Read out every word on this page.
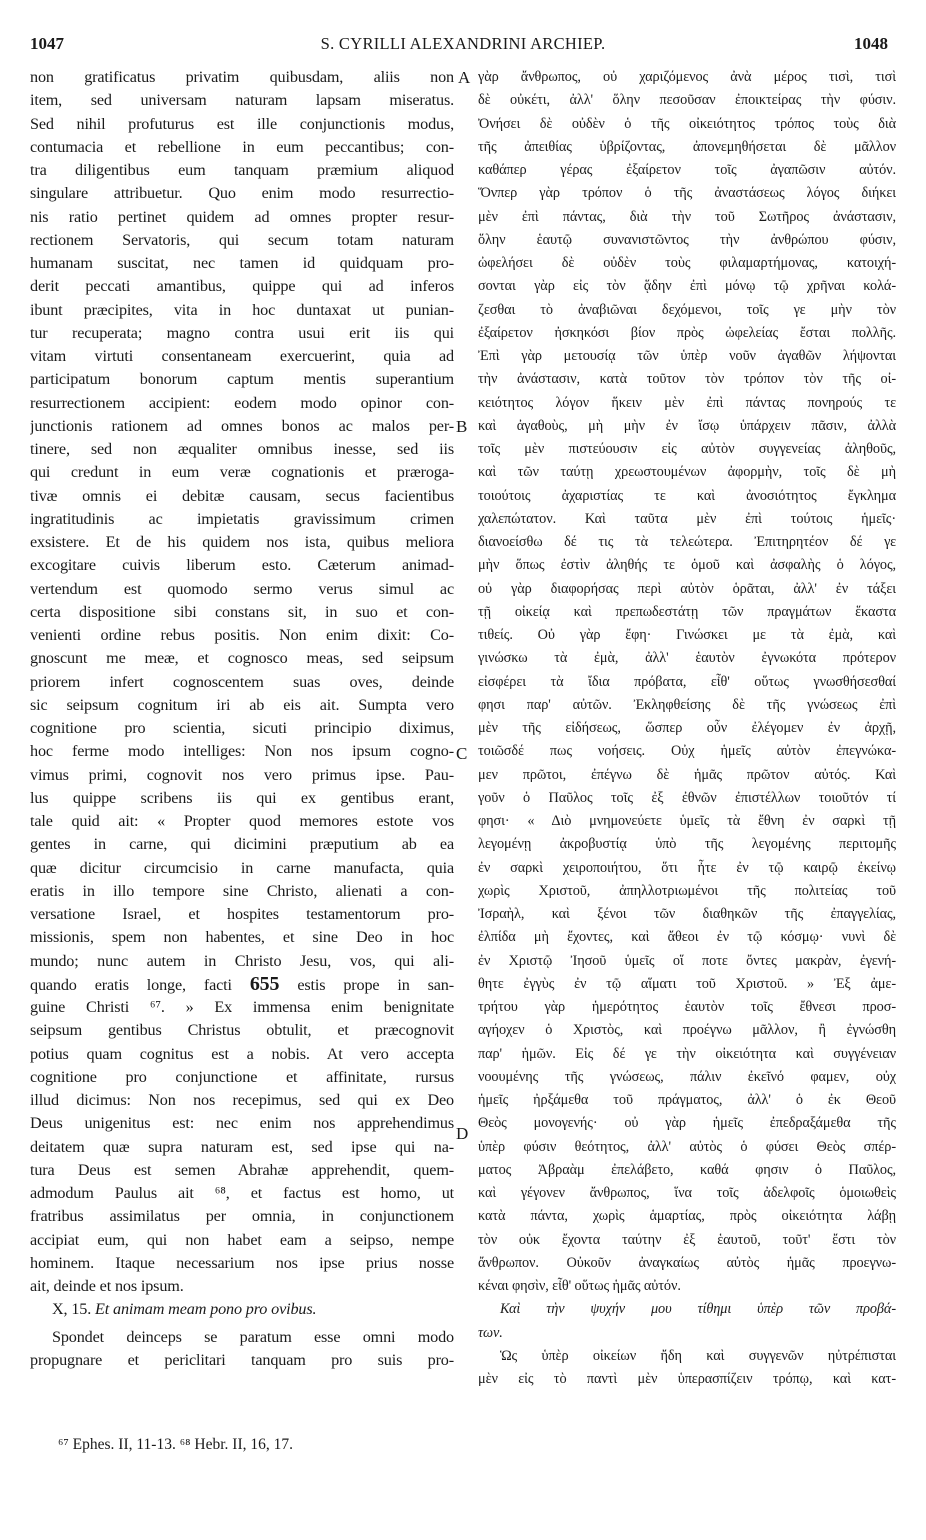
1047	S. CYRILLI ALEXANDRINI ARCHIEP.	1048
non gratificatus privatim quibusdam, aliis non
item, sed universam naturam lapsam miseratus.
Sed nihil profuturus est ille conjunctionis modus,
contumacia et rebellione in eum peccantibus; con-
tra diligentibus eum tanquam præmium aliquod
singulare attribuetur. Quo enim modo resurrectio-
nis ratio pertinet quidem ad omnes propter resur-
rectionem Servatoris, qui secum totam naturam
humanam suscitat, nec tamen id quidquam pro-
derit peccati amantibus, quippe qui ad inferos
ibunt præcipites, vita in hoc duntaxat ut punian-
tur recuperata; magno contra usui erit iis qui
vitam virtuti consentaneam exercuerint, quia ad
participatum bonorum captum mentis superantium
resurrectionem accipient: eodem modo opinor con-
junctionis rationem ad omnes bonos ac malos per-
tinere, sed non æqualiter omnibus inesse, sed iis
qui credunt in eum veræ cognationis et prærogа-
tivæ omnis ei debitæ causam, secus facientibus
ingratitudinis ac impietatis gravissimum crimen
exsistere. Et de his quidem nos ista, quibus meliora
excogitare cuivis liberum esto. Cæterum animad-
vertendum est quomodo sermo verus simul ac
certa dispositione sibi constans sit, in suo et con-
venienti ordine rebus positis. Non enim dixit: Co-
gnoscunt me meæ, et cognosco meas, sed seipsum
priorem infert cognoscentem suas oves, deinde
sic seipsum cognitum iri ab eis ait. Sumpta vero
cognitione pro scientia, sicuti principio diximus,
hoc ferme modo intelliges: Non nos ipsum cogno-
vimus primi, cognovit nos vero primus ipse. Pau-
lus quippe scribens iis qui ex gentibus erant,
tale quid ait: « Propter quod memores estote vos
gentes in carne, qui dicimini præputium ab ea
quæ dicitur circumcisio in carne manufacta, quia
eratis in illo tempore sine Christo, alienati a con-
versatione Israel, et hospites testamentorum pro-
missionis, spem non habentes, et sine Deo in hoc
mundo; nunc autem in Christo Jesu, vos, qui ali-
quando eratis longe, facti 655 estis prope in san-
guine Christi ⁶⁷. » Ex immensa enim benignitate
seipsum gentibus Christus obtulit, et præcognovit
potius quam cognitus est a nobis. At vero accepta
cognitione pro conjunctione et affinitate, rursus
illud dicimus: Non nos recepimus, sed qui ex Deo
Deus unigenitus est: nec enim nos apprehendimus
deitatem quæ supra naturam est, sed ipse qui na-
tura Deus est semen Abrahæ apprehendit, quem-
admodum Paulus ait ⁶⁸, et factus est homo, ut
fratribus assimilatus per omnia, in conjunctionem
accipiat eum, qui non habet eam a seipso, nempe
hominem. Itaque necessarium nos ipse prius nosse
ait, deinde et nos ipsum.
X, 15. Et animam meam pono pro ovibus.
Spondet deinceps se paratum esse omni modo
propugnare et periclitari tanquam pro suis pro-
γὰρ ἄνθρωπος, οὐ χαριζόμενος ἀνὰ μέρος τισὶ, τισὶ
δὲ οὐκέτι, ἀλλ' ὅλην πεσοῦσαν ἐποικτείρας τὴν φύσιν.
Ὀνήσει δὲ οὐδὲν ὁ τῆς οἰκειότητος τρόπος τοὺς διὰ
τῆς ἀπειθίας ὑβρίζοντας, ἀπονεμηθήσεται δὲ μᾶλλον
καθάπερ γέρας ἐξαίρετον τοῖς ἀγαπῶσιν αὐτόν.
Ὅνπερ γὰρ τρόπον ὁ τῆς ἀναστάσεως λόγος διήκει
μὲν ἐπὶ πάντας, διὰ τὴν τοῦ Σωτῆρος ἀνάστασιν,
ὅλην ἑαυτῷ συνανιστῶντος τὴν ἀνθρώπου φύσιν,
ὠφελήσει δὲ οὐδὲν τοὺς φιλαμαρτήμονας, κατοιχή-
σονται γὰρ εἰς τὸν ᾅδην ἐπὶ μόνῳ τῷ χρῆναι κολά-
ζεσθαι τὸ ἀναβιῶναι δεχόμενοι, τοῖς γε μὴν τὸν
ἐξαίρετον ἠσκηκόσι βίον πρὸς ὠφελείας ἔσται πολλῆς.
Ἐπὶ γὰρ μετουσίᾳ τῶν ὑπὲρ νοῦν ἀγαθῶν λήψονται
τὴν ἀνάστασιν, κατὰ τοῦτον τὸν τρόπον τὸν τῆς οἰ-
κειότητος λόγον ἥκειν μὲν ἐπὶ πάντας πονηρούς τε
καὶ ἀγαθοὺς, μὴ μὴν ἐν ἴσῳ ὑπάρχειν πᾶσιν, ἀλλὰ
τοῖς μὲν πιστεύουσιν εἰς αὐτὸν συγγενείας ἀληθοῦς,
καὶ τῶν ταύτῃ χρεωστουμένων ἀφορμὴν, τοῖς δὲ μὴ
τοιούτοις ἀχαριστίας τε καὶ ἀνοσιότητος ἔγκλημα
χαλεπώτατον. Καὶ ταῦτα μὲν ἐπὶ τούτοις ἡμεῖς·
διανοείσθω δέ τις τὰ τελεώτερα. Ἐπιτηρητέον δέ γε
μὴν ὅπως ἐστὶν ἀληθής τε ὁμοῦ καὶ ἀσφαλὴς ὁ λόγος,
οὐ γὰρ διαφορήσας περὶ αὐτὸν ὁρᾶται, ἀλλ' ἐν τάξει
τῇ οἰκείᾳ καὶ πρεπωδεστάτῃ τῶν πραγμάτων ἕκαστα
τιθείς. Οὐ γὰρ ἔφη· Γινώσκει με τὰ ἐμὰ, καὶ
γινώσκω τὰ ἐμὰ, ἀλλ' ἑαυτὸν ἐγνωκότα πρότερον
εἰσφέρει τὰ ἴδια πρόβατα, εἶθ' οὕτως γνωσθήσεσθαί
φησι παρ' αὐτῶν. Ἐκληφθείσης δὲ τῆς γνώσεως ἐπὶ
μὲν τῆς εἰδήσεως, ὥσπερ οὖν ἐλέγομεν ἐν ἀρχῇ,
τοιῶσδέ πως νοήσεις. Οὐχ ἡμεῖς αὐτὸν ἐπεγνώκα-
μεν πρῶτοι, ἐπέγνω δὲ ἡμᾶς πρῶτον αὐτός. Καὶ
γοῦν ὁ Παῦλος τοῖς ἐξ ἐθνῶν ἐπιστέλλων τοιοῦτόν τί
φησι· « Διὸ μνημονεύετε ὑμεῖς τὰ ἔθνη ἐν σαρκὶ τῇ
λεγομένῃ ἀκροβυστίᾳ ὑπὸ τῆς λεγομένης περιτομῆς
ἐν σαρκὶ χειροποιήτου, ὅτι ἦτε ἐν τῷ καιρῷ ἐκείνῳ
χωρὶς Χριστοῦ, ἀπηλλοτριωμένοι τῆς πολιτείας τοῦ
Ἰσραὴλ, καὶ ξένοι τῶν διαθηκῶν τῆς ἐπαγγελίας,
ἐλπίδα μὴ ἔχοντες, καὶ ἄθεοι ἐν τῷ κόσμῳ· νυνὶ δὲ
ἐν Χριστῷ Ἰησοῦ ὑμεῖς οἵ ποτε ὄντες μακρὰν, ἐγενή-
θητε ἐγγὺς ἐν τῷ αἵματι τοῦ Χριστοῦ. » Ἐξ ἀμε-
τρήτου γὰρ ἡμερότητος ἑαυτὸν τοῖς ἔθνεσι προσ-
αγήοχεν ὁ Χριστὸς, καὶ προέγνω μᾶλλον, ἢ ἐγνώσθη
παρ' ἡμῶν. Εἰς δέ γε τὴν οἰκειότητα καὶ συγγένειαν
νοουμένης τῆς γνώσεως, πάλιν ἐκεῖνό φαμεν, οὐχ
ἡμεῖς ἠρξάμεθα τοῦ πράγματος, ἀλλ' ὁ ἐκ Θεοῦ
Θεὸς μονογενής· οὐ γὰρ ἡμεῖς ἐπεδραξάμεθα τῆς
ὑπὲρ φύσιν θεότητος, ἀλλ' αὐτὸς ὁ φύσει Θεὸς σπέρ-
ματος Ἀβραὰμ ἐπελάβετο, καθά φησιν ὁ Παῦλος,
καὶ γέγονεν ἄνθρωπος, ἵνα τοῖς ἀδελφοῖς ὁμοιωθεὶς
κατὰ πάντα, χωρὶς ἁμαρτίας, πρὸς οἰκειότητα λάβῃ
τὸν οὐκ ἔχοντα ταύτην ἐξ ἑαυτοῦ, τοῦτ' ἔστι τὸν
ἄνθρωπον. Οὐκοῦν ἀναγκαίως αὐτὸς ἡμᾶς προεγνω-
κέναι φησὶν, εἶθ' οὕτως ἡμᾶς αὐτόν.
Καὶ τὴν ψυχήν μου τίθημι ὑπὲρ τῶν προβά-
των.
Ὡς ὑπὲρ οἰκείων ἤδη καὶ συγγενῶν ηὐτρέπισται
μὲν εἰς τὸ παντὶ μὲν ὑπερασπίζειν τρόπῳ, καὶ κατ-
A
B
C
D
⁶⁷ Ephes. II, 11-13. ⁶⁸ Hebr. II, 16, 17.
